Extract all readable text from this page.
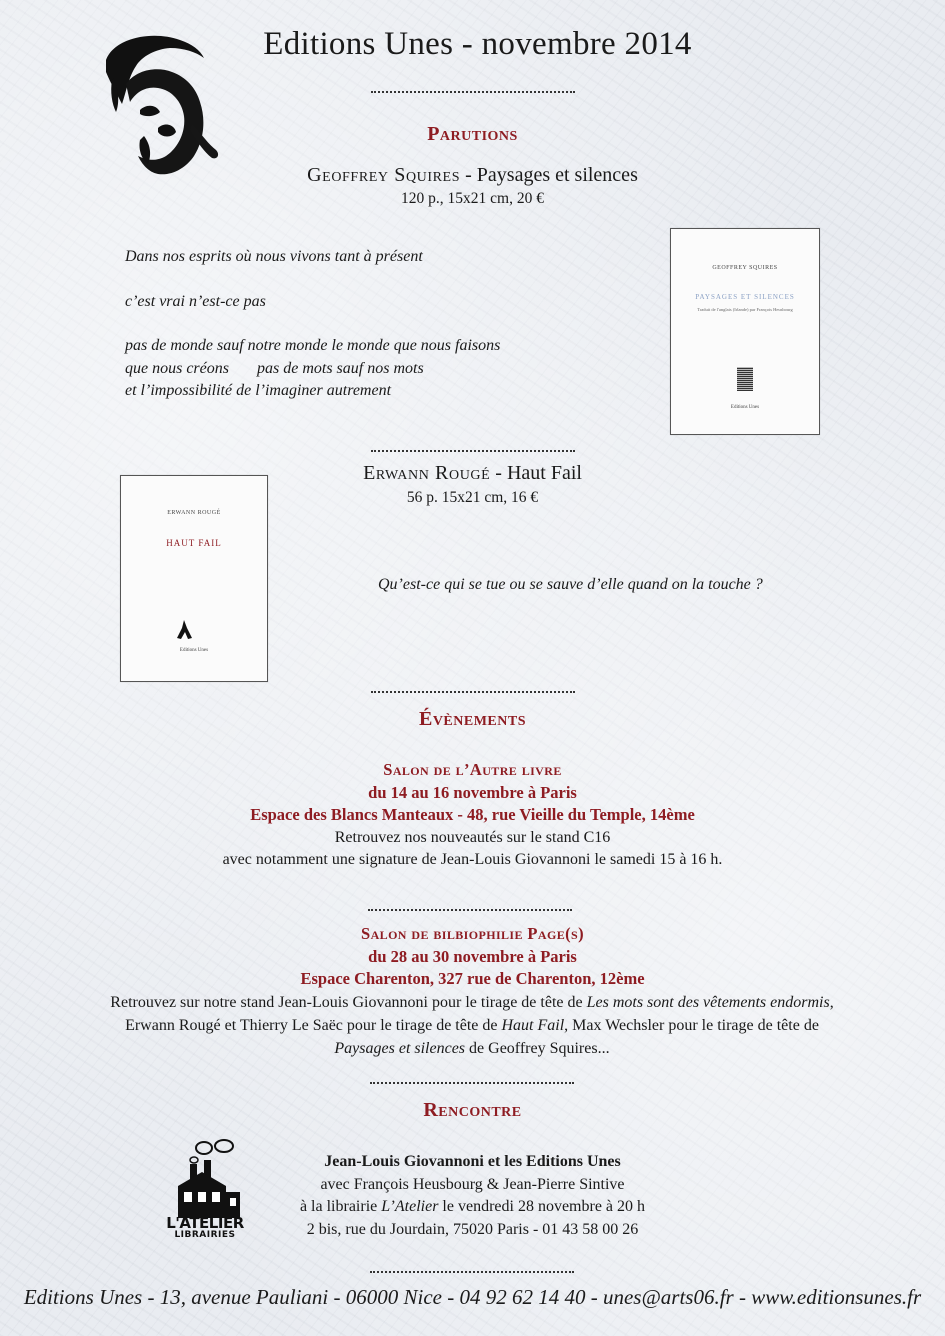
Editions Unes - novembre 2014
Parutions
Geoffrey Squires - Paysages et silences
120 p., 15x21 cm, 20 €

Dans nos esprits où nous vivons tant à présent

c’est vrai n’est-ce pas

pas de monde sauf notre monde le monde que nous faisons

que nous créons       pas de mots sauf nos mots

et l’impossibilité de l’imaginer autrement

GEOFFREY SQUIRES
PAYSAGES ET SILENCES
Traduit de l'anglais (Irlande) par François Heusbourg
Editions Unes
Erwann Rougé - Haut Fail
56 p. 15x21 cm, 16 €
ERWANN ROUGÉ
HAUT FAIL
Editions Unes
Qu’est-ce qui se tue ou se sauve d’elle quand on la touche ?
Évènements
Salon de l’Autre livre
du 14 au 16 novembre à Paris
Espace des Blancs Manteaux - 48, rue Vieille du Temple, 14ème
Retrouvez nos nouveautés sur le stand C16
avec notamment une signature de Jean-Louis Giovannoni le samedi 15 à 16 h.
Salon de bilbiophilie Page(s)
du 28 au 30 novembre à Paris
Espace Charenton, 327 rue de Charenton, 12ème
Retrouvez sur notre stand Jean-Louis Giovannoni pour le tirage de tête de Les mots sont des vêtements endormis, Erwann Rougé et Thierry Le Saëc pour le tirage de tête de Haut Fail, Max Wechsler pour le tirage de tête de Paysages et silences de Geoffrey Squires...
Rencontre
L'ATELIER
LIBRAIRIES
Jean-Louis Giovannoni et les Editions Unes
avec François Heusbourg & Jean-Pierre Sintive
à la librairie L’Atelier le vendredi 28 novembre à 20 h
2 bis, rue du Jourdain, 75020 Paris - 01 43 58 00 26
Editions Unes - 13, avenue Pauliani - 06000 Nice - 04 92 62 14 40 - unes@arts06.fr - www.editionsunes.fr
